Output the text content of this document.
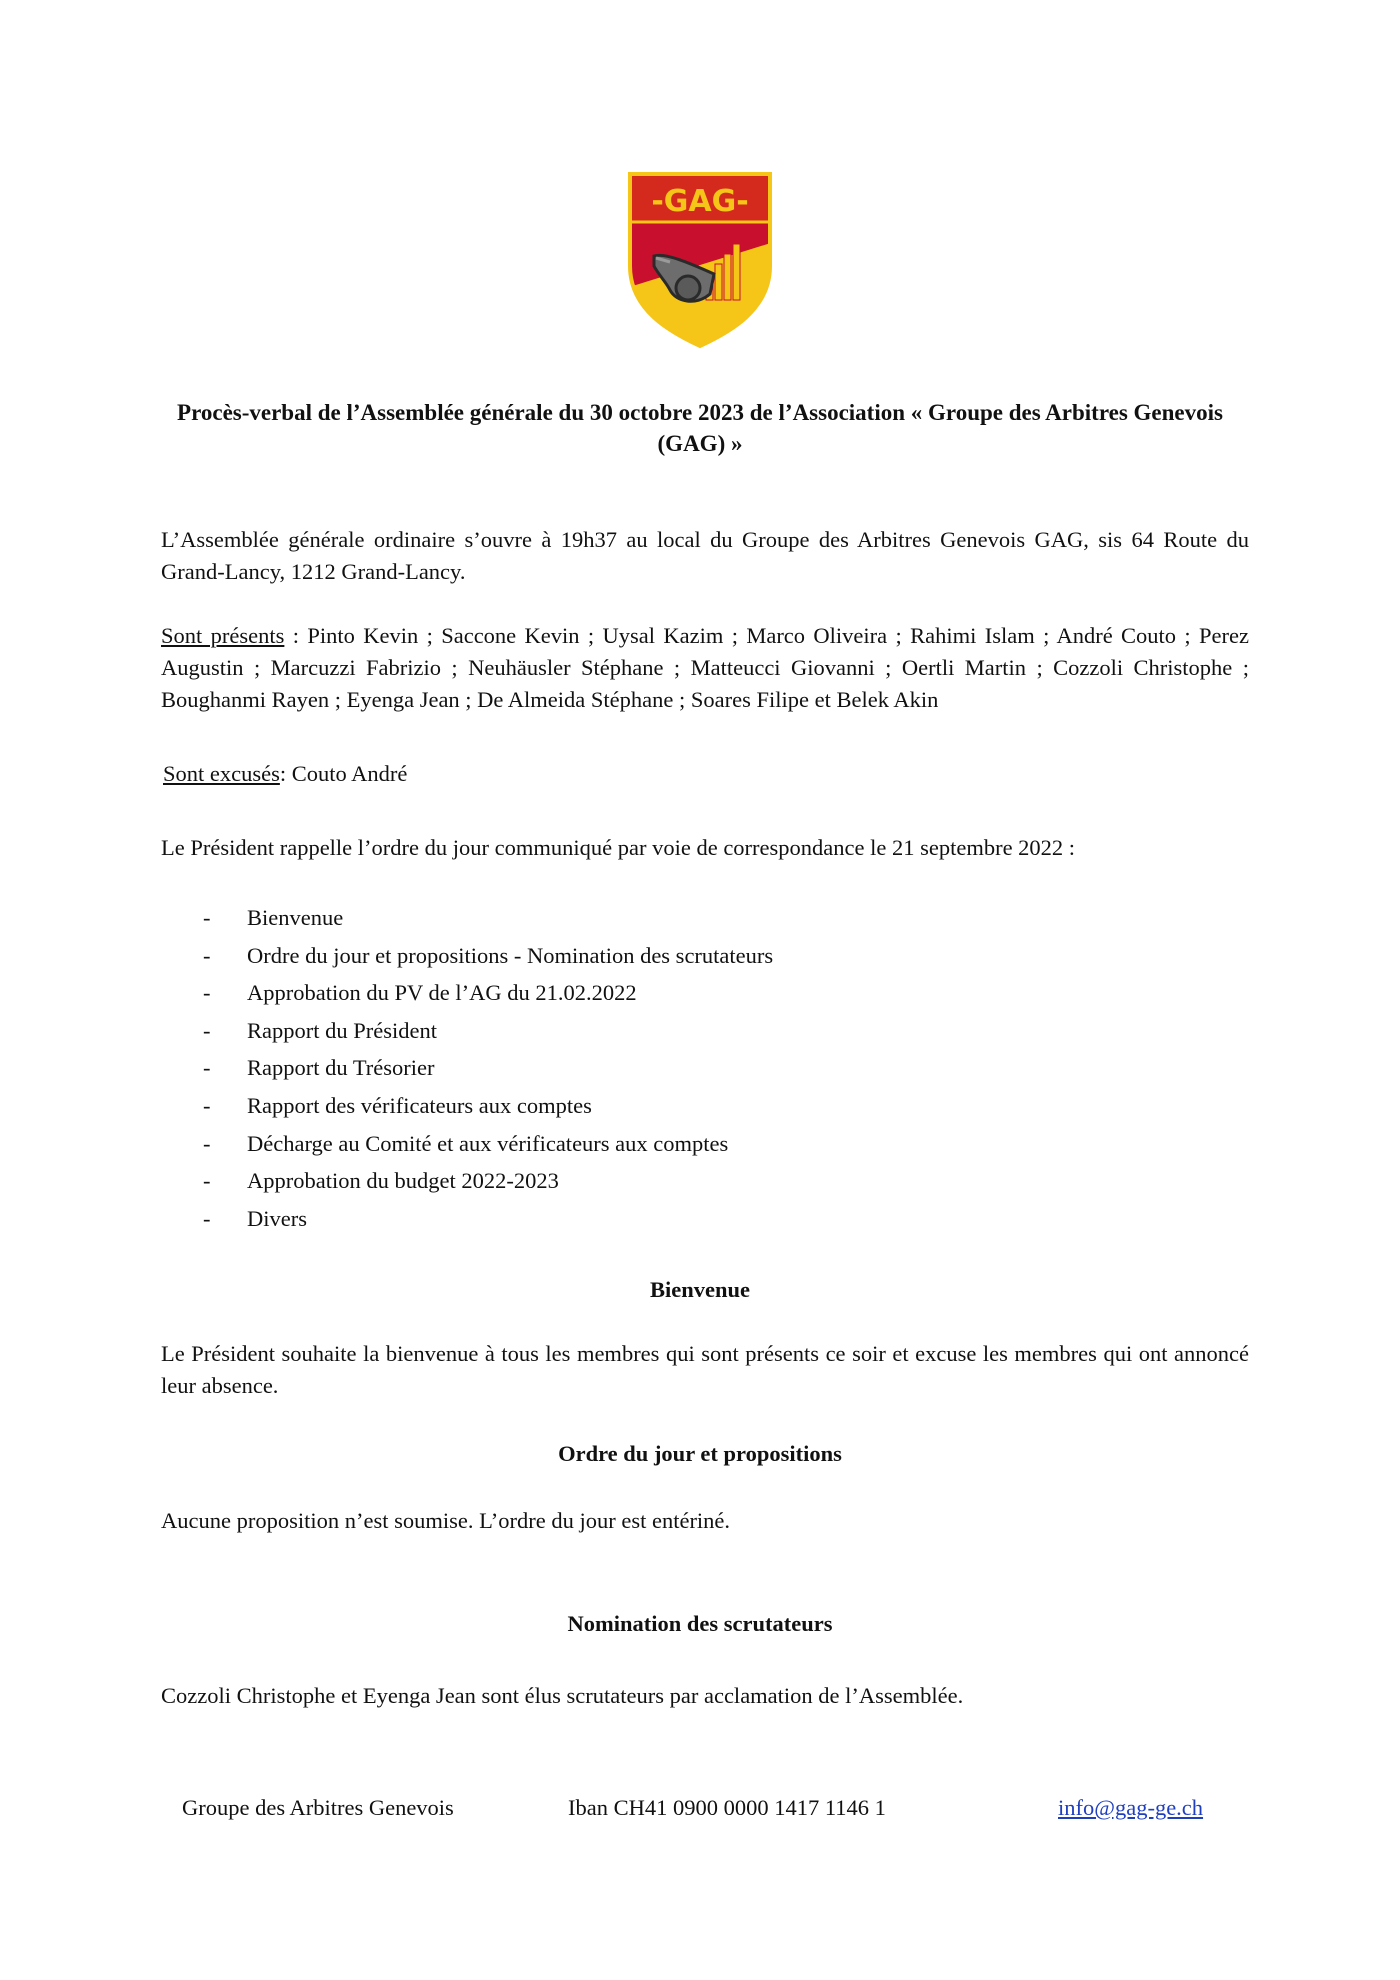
-GAG-
Procès-verbal de l’Assemblée générale du 30 octobre 2023 de l’Association « Groupe des Arbitres Genevois (GAG) »
L’Assemblée générale ordinaire s’ouvre à 19h37 au local du Groupe des Arbitres Genevois GAG, sis 64 Route du Grand-Lancy, 1212 Grand-Lancy.
Sont présents : Pinto Kevin ; Saccone Kevin ; Uysal Kazim ; Marco Oliveira ; Rahimi Islam ; André Couto ; Perez Augustin ; Marcuzzi Fabrizio ; Neuhäusler Stéphane ; Matteucci Giovanni ; Oertli Martin ; Cozzoli Christophe ; Boughanmi Rayen ; Eyenga Jean ; De Almeida Stéphane ; Soares Filipe et Belek Akin
Sont excusés: Couto André
Le Président rappelle l’ordre du jour communiqué par voie de correspondance le 21 septembre 2022 :
- Bienvenue
- Ordre du jour et propositions - Nomination des scrutateurs
- Approbation du PV de l’AG du 21.02.2022
- Rapport du Président
- Rapport du Trésorier
- Rapport des vérificateurs aux comptes
- Décharge au Comité et aux vérificateurs aux comptes
- Approbation du budget 2022-2023
- Divers
Bienvenue
Le Président souhaite la bienvenue à tous les membres qui sont présents ce soir et excuse les membres qui ont annoncé leur absence.
Ordre du jour et propositions
Aucune proposition n’est soumise. L’ordre du jour est entériné.
Nomination des scrutateurs
Cozzoli Christophe et Eyenga Jean sont élus scrutateurs par acclamation de l’Assemblée.
Groupe des Arbitres Genevois	Iban CH41 0900 0000 1417 1146 1	info@gag-ge.ch
